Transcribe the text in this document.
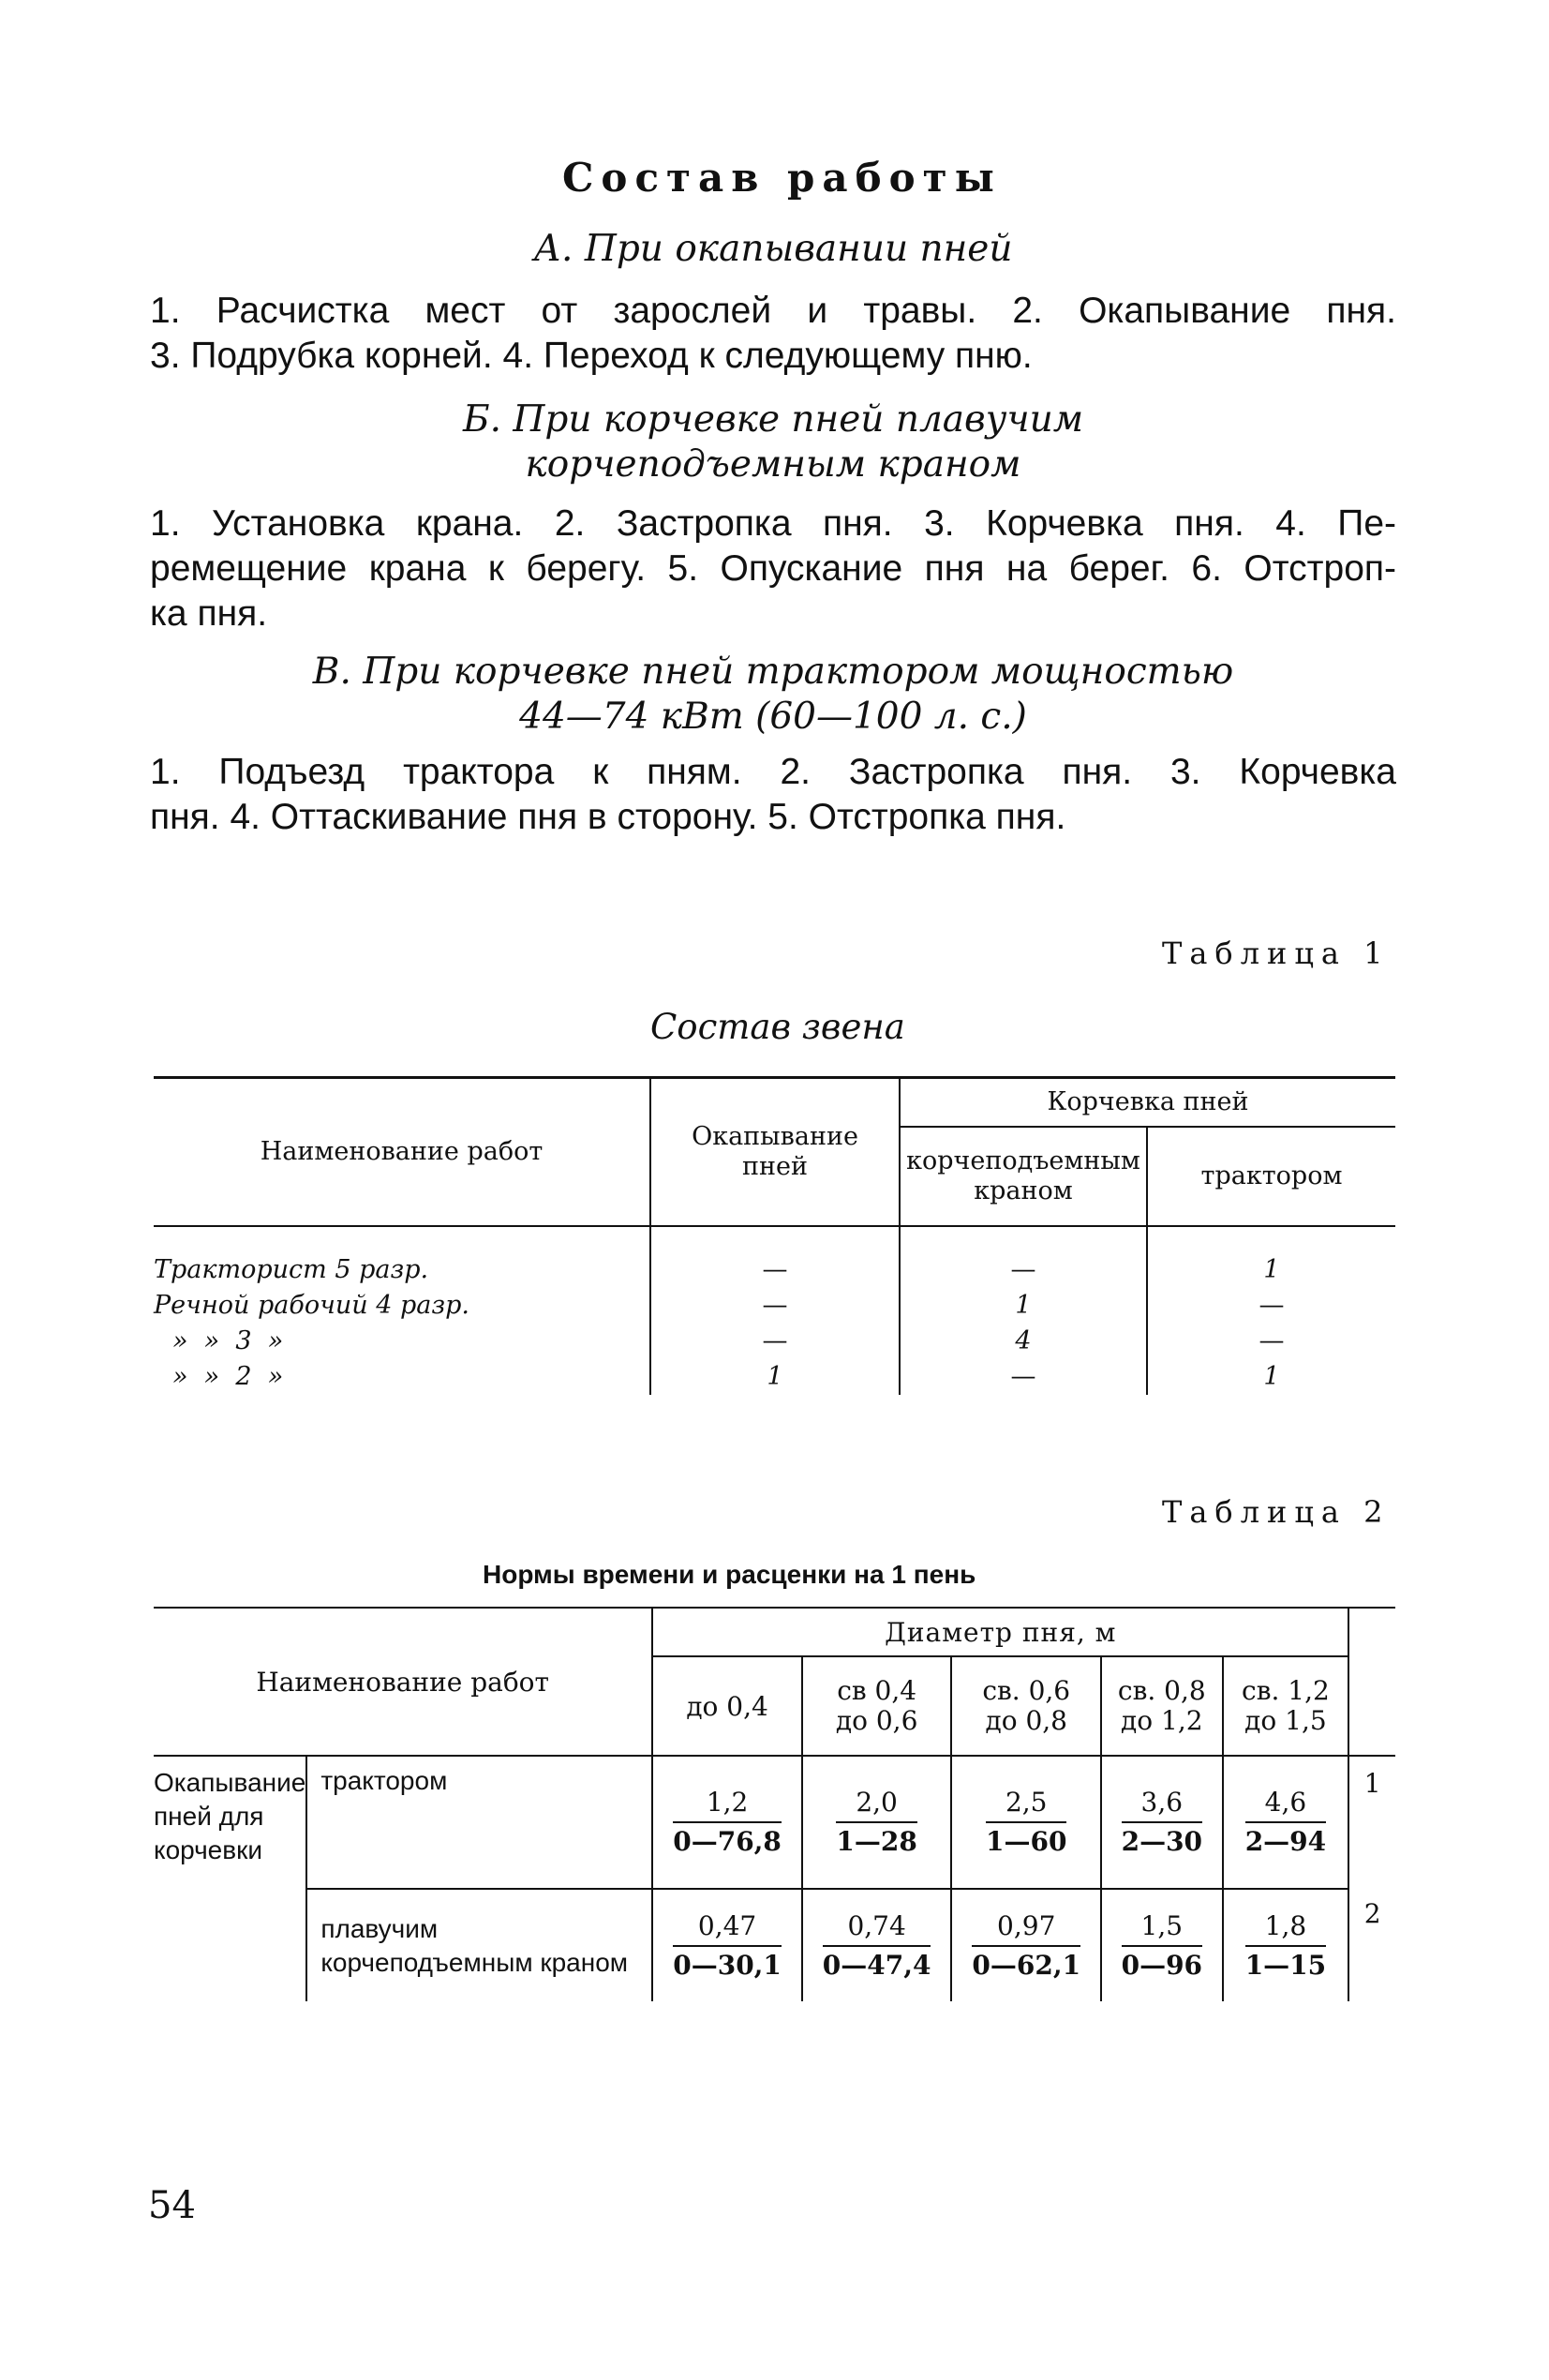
Состав работы
А. При окапывании пней
1. Расчистка мест от зарослей и травы. 2. Окапывание пня.
3. Подрубка корней. 4. Переход к следующему пню.
Б. При корчевке пней плавучим
корчеподъемным краном
1. Установка крана. 2. Застропка пня. 3. Корчевка пня. 4. Пе-
ремещение крана к берегу. 5. Опускание пня на берег. 6. Отстроп-
ка пня.
В. При корчевке пней трактором мощностью
44—74 кВт (60—100 л. с.)
1. Подъезд трактора к пням. 2. Застропка пня. 3. Корчевка
пня. 4. Оттаскивание пня в сторону. 5. Отстропка пня.
Таблица 1
Состав звена
Наименование работ	Окапывание пней	Корчевка пней	
		корчеподъемным краном	трактором

Тракторист 5 разр.	—	—	1
Речной рабочий 4 разр.	—	1	—
»  »  3  »	—	4	—
»  »  2  »	1	—	1
Таблица 2
Нормы времени и расценки на 1 пень
Наименование работ		Диаметр пня, м					
		до 0,4	св 0,4 до 0,6	св. 0,6 до 0,8	св. 0,8 до 1,2	св. 1,2 до 1,5	
Окапывание пней для корчевки	трактором	$\frac{1,2}{0—76,8}$	$\frac{2,0}{1—28}$	$\frac{2,5}{1—60}$	$\frac{3,6}{2—30}$	$\frac{4,6}{2—94}$	1
	плавучим корчеподъемным краном	$\frac{0,47}{0—30,1}$	$\frac{0,74}{0—47,4}$	$\frac{0,97}{0—62,1}$	$\frac{1,5}{0—96}$	$\frac{1,8}{1—15}$	2
54
